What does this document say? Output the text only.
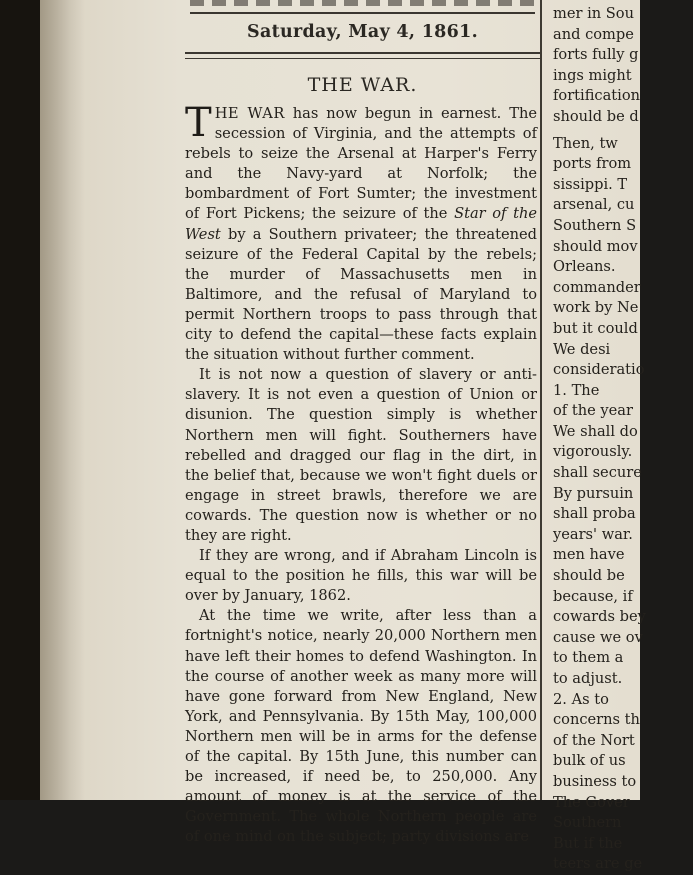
Saturday, May 4, 1861.
THE WAR.

THE WAR has now begun in earnest. The secession of Virginia, and the attempts of rebels to seize the Arsenal at Harper's Ferry and the Navy-yard at Norfolk; the bombardment of Fort Sumter; the investment of Fort Pickens; the seizure of the Star of the West by a Southern privateer; the threatened seizure of the Federal Capital by the rebels; the murder of Massachusetts men in Baltimore, and the refusal of Maryland to permit Northern troops to pass through that city to defend the capital—these facts explain the situation without further comment.

It is not now a question of slavery or anti-slavery. It is not even a question of Union or disunion. The question simply is whether Northern men will fight. Southerners have rebelled and dragged our flag in the dirt, in the belief that, because we won't fight duels or engage in street brawls, therefore we are cowards. The question now is whether or no they are right.

If they are wrong, and if Abraham Lincoln is equal to the position he fills, this war will be over by January, 1862.

At the time we write, after less than a fortnight's notice, nearly 20,000 Northern men have left their homes to defend Washington. In the course of another week as many more will have gone forward from New England, New York, and Pennsylvania. By 15th May, 100,000 Northern men will be in arms for the defense of the capital. By 15th June, this number can be increased, if need be, to 250,000. Any amount of money is at the service of the Government. The whole Northern people are of one mind on the subject; party divisions are

mer in Sou
and compe
forts fully g
ings might
fortification
should be d
Then, tw
ports from
sissippi. T
arsenal, cu
Southern S
should mov
Orleans.
commander
work by Ne
but it could
We desi
consideratio
1. The
of the year
We shall do
vigorously.
shall secure
By pursuin
shall proba
years' war.
men have
should be
because, if
cowards bey
cause we ov
to them a
to adjust.
2. As to
concerns th
of the Nort
bulk of us
business to
The Gover
Southern
But if the
teers are ge
